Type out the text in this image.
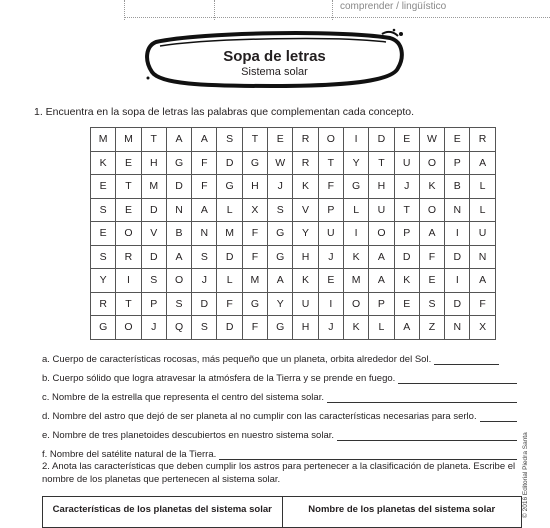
comprender / lingüístico
Sopa de letras
Sistema solar
1. Encuentra en la sopa de letras las palabras que complementan cada concepto.
M	M	T	A	A	S	T	E	R	O	I	D	E	W	E	R
K	E	H	G	F	D	G	W	R	T	Y	T	U	O	P	A
E	T	M	D	F	G	H	J	K	F	G	H	J	K	B	L
S	E	D	N	A	L	X	S	V	P	L	U	T	O	N	L
E	O	V	B	N	M	F	G	Y	U	I	O	P	A	I	U
S	R	D	A	S	D	F	G	H	J	K	A	D	F	D	N
Y	I	S	O	J	L	M	A	K	E	M	A	K	E	I	A
R	T	P	S	D	F	G	Y	U	I	O	P	E	S	D	F
G	O	J	Q	S	D	F	G	H	J	K	L	A	Z	N	X
a. Cuerpo de características rocosas, más pequeño que un planeta, orbita alrededor del Sol.
b. Cuerpo sólido que logra atravesar la atmósfera de la Tierra y se prende en fuego.
c. Nombre de la estrella que representa el centro del sistema solar.
d. Nombre del astro que dejó de ser planeta al no cumplir con las características necesarias para serlo.
e. Nombre de tres planetoides descubiertos en nuestro sistema solar.
f. Nombre del satélite natural de la Tierra.
2. Anota las características que deben cumplir los astros para pertenecer a la clasificación de planeta. Escribe el nombre de los planetas que pertenecen al sistema solar.
Características de los planetas del sistema solar	Nombre de los planetas del sistema solar	© 2016 Editorial Piedra Santa
